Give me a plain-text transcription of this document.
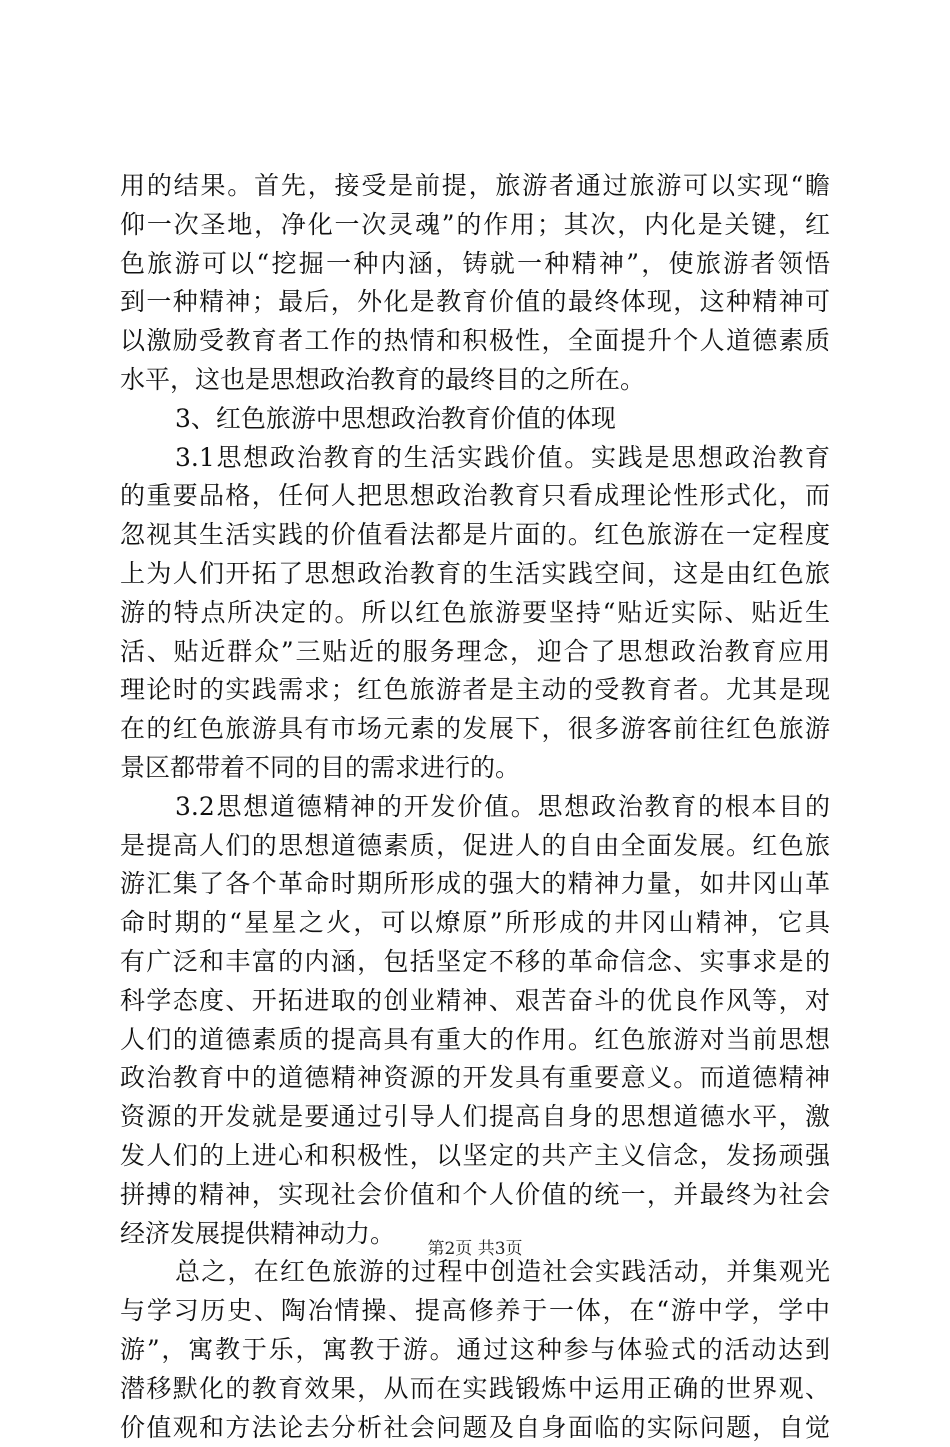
用的结果。首先，接受是前提，旅游者通过旅游可以实现“瞻
仰一次圣地，净化一次灵魂”的作用；其次，内化是关键，红
色旅游可以“挖掘一种内涵，铸就一种精神”，使旅游者领悟
到一种精神；最后，外化是教育价值的最终体现，这种精神可
以激励受教育者工作的热情和积极性，全面提升个人道德素质
水平，这也是思想政治教育的最终目的之所在。
3、红色旅游中思想政治教育价值的体现
3.1思想政治教育的生活实践价值。实践是思想政治教育
的重要品格，任何人把思想政治教育只看成理论性形式化，而
忽视其生活实践的价值看法都是片面的。红色旅游在一定程度
上为人们开拓了思想政治教育的生活实践空间，这是由红色旅
游的特点所决定的。所以红色旅游要坚持“贴近实际、贴近生
活、贴近群众”三贴近的服务理念，迎合了思想政治教育应用
理论时的实践需求；红色旅游者是主动的受教育者。尤其是现
在的红色旅游具有市场元素的发展下，很多游客前往红色旅游
景区都带着不同的目的需求进行的。
3.2思想道德精神的开发价值。思想政治教育的根本目的
是提高人们的思想道德素质，促进人的自由全面发展。红色旅
游汇集了各个革命时期所形成的强大的精神力量，如井冈山革
命时期的“星星之火，可以燎原”所形成的井冈山精神，它具
有广泛和丰富的内涵，包括坚定不移的革命信念、实事求是的
科学态度、开拓进取的创业精神、艰苦奋斗的优良作风等，对
人们的道德素质的提高具有重大的作用。红色旅游对当前思想
政治教育中的道德精神资源的开发具有重要意义。而道德精神
资源的开发就是要通过引导人们提高自身的思想道德水平，激
发人们的上进心和积极性，以坚定的共产主义信念，发扬顽强
拼搏的精神，实现社会价值和个人价值的统一，并最终为社会
经济发展提供精神动力。
总之，在红色旅游的过程中创造社会实践活动，并集观光
与学习历史、陶冶情操、提高修养于一体，在“游中学，学中
游”，寓教于乐，寓教于游。通过这种参与体验式的活动达到
潜移默化的教育效果，从而在实践锻炼中运用正确的世界观、
价值观和方法论去分析社会问题及自身面临的实际问题，自觉
第2页 共3页
